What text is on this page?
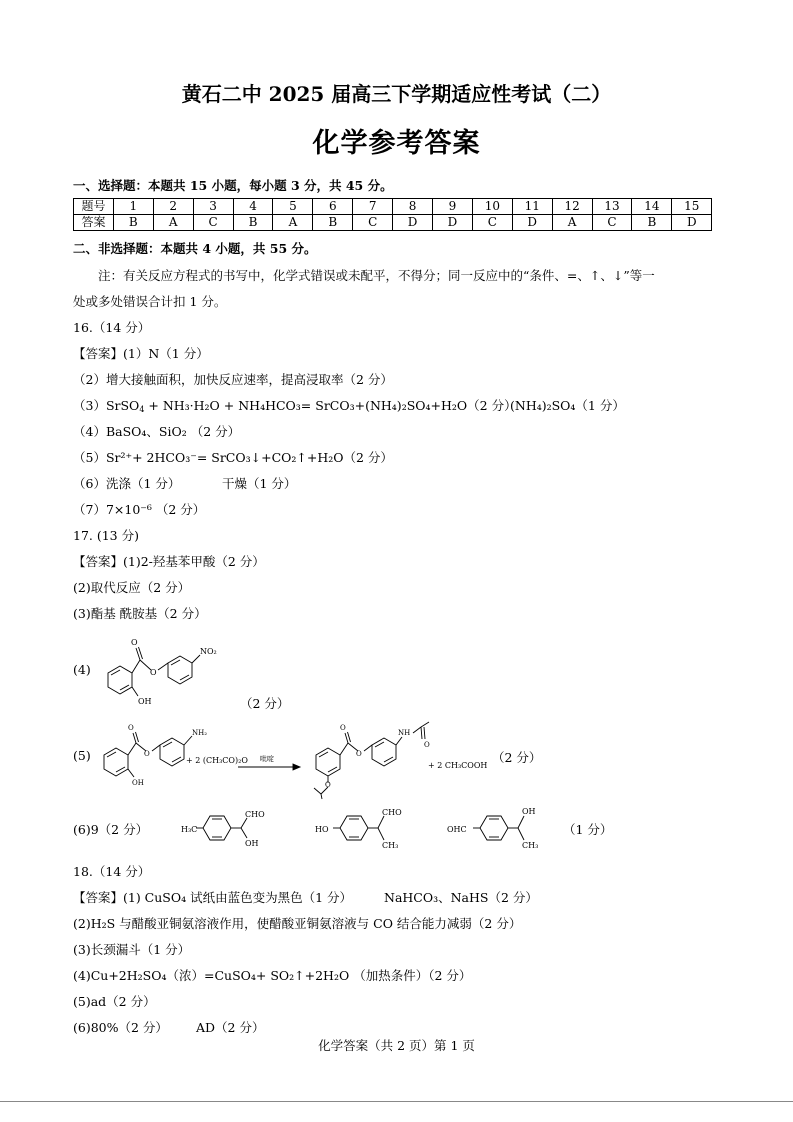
黄石二中 2025 届高三下学期适应性考试（二）
化学参考答案
一、选择题：本题共 15 小题，每小题 3 分，共 45 分。
题号	1	2	3	4	5	6	7	8	9	10	11	12	13	14	15
答案	B	A	C	B	A	B	C	D	D	C	D	A	C	B	D
二、非选择题：本题共 4 小题，共 55 分。
注：有关反应方程式的书写中，化学式错误或未配平，不得分；同一反应中的“条件、=、↑、↓”等一
处或多处错误合计扣 1 分。
16.（14 分）
【答案】(1）N（1 分）
（2）增大接触面积，加快反应速率，提高浸取率（2 分）
（3）SrSO$_4$ + NH₃·H₂O + NH₄HCO₃= SrCO₃+(NH₄)₂SO₄+H₂O（2 分）
(NH₄)₂SO₄（1 分）
（4）BaSO₄、SiO₂ （2 分）
（5）Sr²⁺+ 2HCO₃⁻= SrCO₃↓+CO₂↑+H₂O（2 分）
（6）洗涤（1 分）	干燥（1 分）
（7）7×10⁻⁶ （2 分）
17. (13 分)
【答案】(1)2-羟基苯甲酸（2 分）
(2)取代反应（2 分）
(3)酯基 酰胺基（2 分）
(4)
O
O
NO₂
OH	（2 分）
(5)
O
O
NH₂
OH
+ 2 (CH₃CO)₂O 吡啶
O
O
NH
O
O
+ 2 CH₃COOH
（2 分）
(6)9（2 分）	H₃C
CHO
OH
HO
CHO
CH₃
OHC
OH
CH₃
（1 分）
18.（14 分）
【答案】(1) CuSO₄ 试纸由蓝色变为黑色（1 分）	NaHCO₃、NaHS（2 分）
(2)H₂S 与醋酸亚铜氨溶液作用，使醋酸亚铜氨溶液与 CO 结合能力减弱（2 分）
(3)长颈漏斗（1 分）
(4)Cu+2H₂SO₄（浓）=CuSO₄+ SO₂↑+2H₂O （加热条件）（2 分）
(5)ad（2 分）
(6)80%（2 分） AD（2 分）
化学答案（共 2 页）第 1 页
